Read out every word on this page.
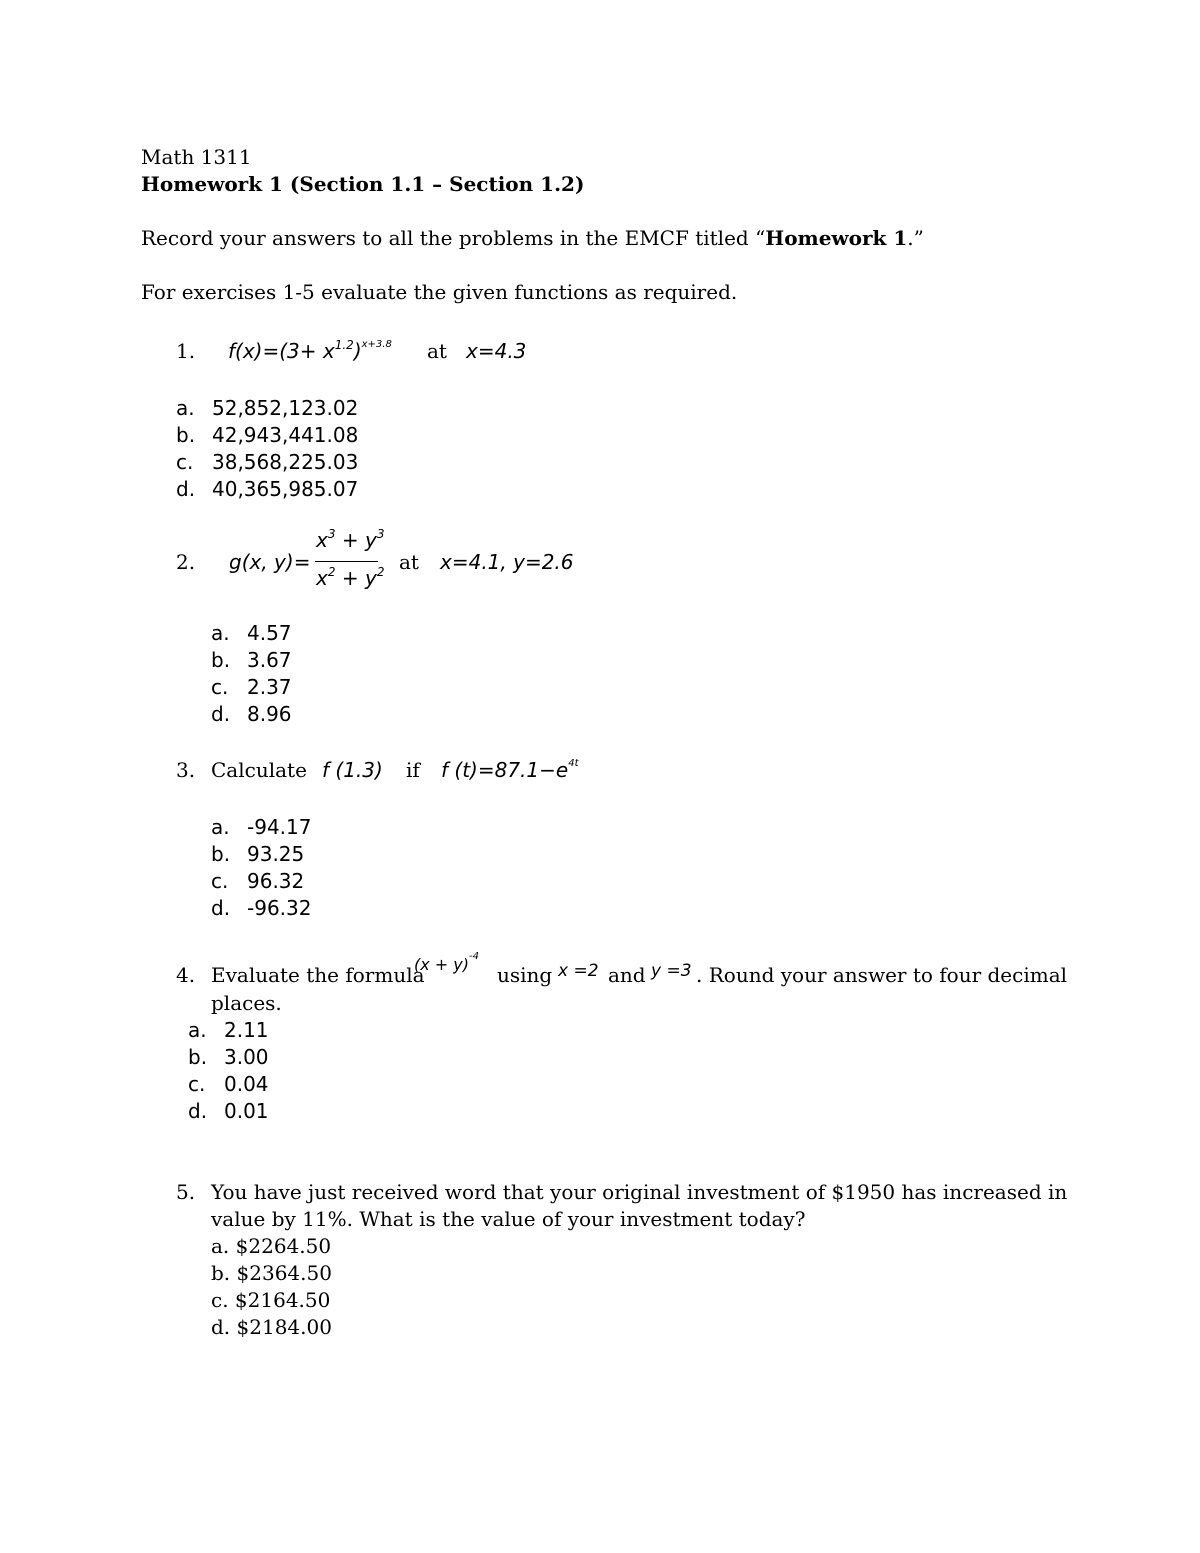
Math 1311
Homework 1 (Section 1.1 – Section 1.2)
Record your answers to all the problems in the EMCF titled “Homework 1.”
For exercises 1-5 evaluate the given functions as required.
1. $f(x)=(3+ x^{1.2})^{x+3.8}$ at x=4.3
a. 52,852,123.02
b. 42,943,441.08
c. 38,568,225.03
d. 40,365,985.07
2. g(x, y)=
$x^3 + y^3$
$x^2 + y^2$ at x=4.1, y=2.6
a. 4.57
b. 3.67
c. 2.37
d. 8.96
3. Calculate f (1.3) if f $(t)=87.1-e^{4t}$
a. -94.17
b. 93.25
c. 96.32
d. -96.32
4. Evaluate the formula
$(x + y)^{-4}$
using x =2 and y =3 . Round your answer to four decimal
places.
a. 2.11
b. 3.00
c. 0.04
d. 0.01
5. You have just received word that your original investment of $1950 has increased in
value by 11%. What is the value of your investment today?
a. $2264.50
b. $2364.50
c. $2164.50
d. $2184.00
